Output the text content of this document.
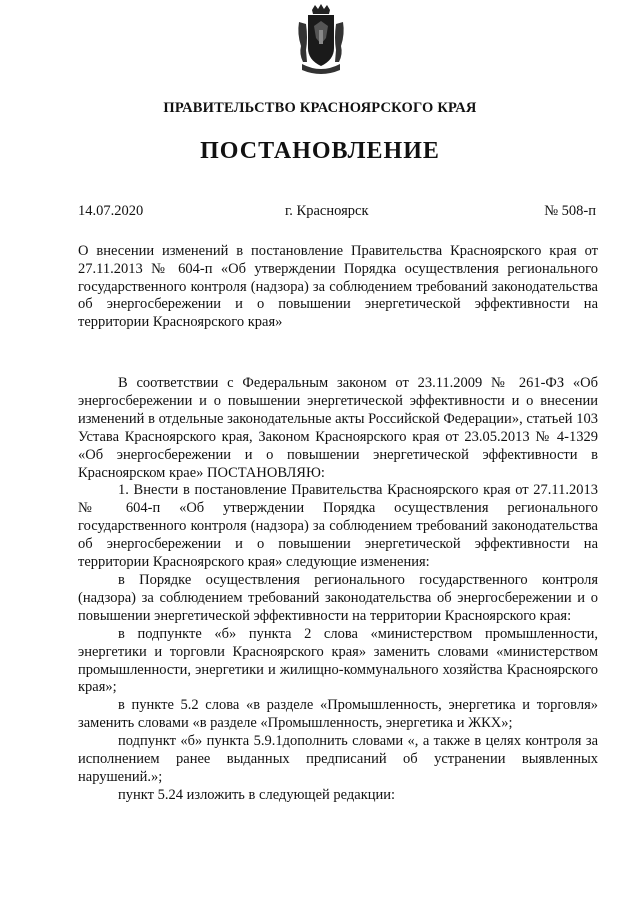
ПРАВИТЕЛЬСТВО КРАСНОЯРСКОГО КРАЯ
ПОСТАНОВЛЕНИЕ
14.07.2020	г. Красноярск	№ 508-п
О внесении изменений в постановление Правительства Красноярского края от 27.11.2013 № 604-п «Об утверждении Порядка осуществления регионального государственного контроля (надзора) за соблюдением требований законодательства об энергосбережении и о повышении энергетической эффективности на территории Красноярского края»

В соответствии с Федеральным законом от 23.11.2009 № 261-ФЗ «Об энергосбережении и о повышении энергетической эффективности и о внесении изменений в отдельные законодательные акты Российской Федерации», статьей 103 Устава Красноярского края, Законом Красноярского края от 23.05.2013 № 4-1329 «Об энергосбережении и о повышении энергетической эффективности в Красноярском крае» ПОСТАНОВЛЯЮ:

1. Внести в постановление Правительства Красноярского края от 27.11.2013 № 604-п «Об утверждении Порядка осуществления регионального государственного контроля (надзора) за соблюдением требований законодательства об энергосбережении и о повышении энергетической эффективности на территории Красноярского края» следующие изменения:

в Порядке осуществления регионального государственного контроля (надзора) за соблюдением требований законодательства об энергосбережении и о повышении энергетической эффективности на территории Красноярского края:

в подпункте «б» пункта 2 слова «министерством промышленности, энергетики и торговли Красноярского края» заменить словами «министерством промышленности, энергетики и жилищно-коммунального хозяйства Красноярского края»;

в пункте 5.2 слова «в разделе «Промышленность, энергетика и торговля» заменить словами «в разделе «Промышленность, энергетика и ЖКХ»;

подпункт «б» пункта 5.9.1дополнить словами «, а также в целях контроля за исполнением ранее выданных предписаний об устранении выявленных нарушений.»;

пункт 5.24 изложить в следующей редакции:
